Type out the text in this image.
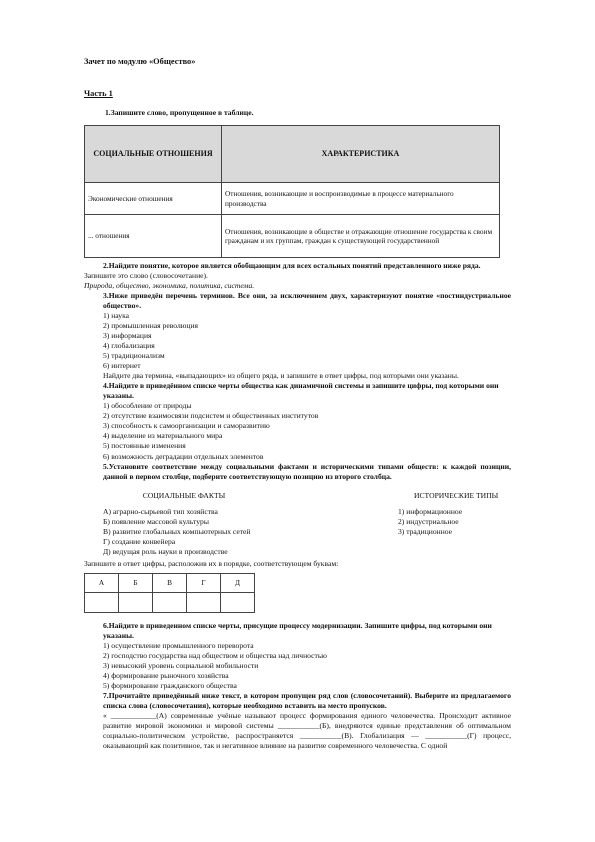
Зачет по модулю «Общество»
Часть 1
1.Запишите слово, пропущенное в таблице.
СОЦИАЛЬНЫЕ ОТНОШЕНИЯ	ХАРАКТЕРИСТИКА
Экономические отношения	Отношения, возникающие и воспроизводимые в процессе материального производства
... отношения	Отношения, возникающие в обществе и отражающие отношение государства к своим гражданам и их группам, граждан к существующей государственной
2.Найдите понятие, которое является обобщающим для всех остальных понятий представленного ниже ряда.
Запишите это слово (словосочетание).
Природа, общество, экономика, политика, система.
3.Ниже приведён перечень терминов. Все они, за исключением двух, характеризуют понятие «постиндустриальное общество».
1) наука
2) промышленная революция
3) информация
4) глобализация
5) традиционализм
6) интернет
Найдите два термина, «выпадающих» из общего ряда, и запишите в ответ цифры, под которыми они указаны.
4.Найдите в приведённом списке черты общества как динамичной системы и запишите цифры, под которыми они указаны.
1) обособление от природы
2) отсутствие взаимосвязи подсистем и общественных институтов
3) способность к самоорганизации и саморазвитию
4) выделение из материального мира
5) постоянные изменения
6) возможность деградации отдельных элементов
5.Установите соответствие между социальными фактами и историческими типами обществ: к каждой позиции, данной в первом столбце, подберите соответствующую позицию из второго столбца.
СОЦИАЛЬНЫЕ ФАКТЫ
А) аграрно-сырьевой тип хозяйства
Б) появление массовой культуры
В) развитие глобальных компьютерных сетей
Г) создание конвейера
Д) ведущая роль науки в производстве
ИСТОРИЧЕСКИЕ ТИПЫ
1) информационное
2) индустриальное
3) традиционное
Запишите в ответ цифры, расположив их в порядке, соответствующем буквам:
А	Б	В	Г	Д

6.Найдите в приведенном списке черты, присущие процессу модернизации. Запишите цифры, под которыми они указаны.
1) осуществление промышленного переворота
2) господство государства над обществом и общества над личностью
3) невысокий уровень социальной мобильности
4) формирование рыночного хозяйства
5) формирование гражданского общества
7.Прочитайте приведённый ниже текст, в котором пропущен ряд слов (словосочетаний). Выберите из предлагаемого списка слова (словосочетания), которые необходимо вставить на место пропусков.
« ____________(А) современные учёные называют процесс формирования единого человечества. Происходит активное развитие мировой экономики и мировой системы ___________(Б), внедряются единые представления об оптимальном социально-политическом устройстве, распространяется ___________(В). Глобализация — ___________(Г) процесс, оказывающий как позитивное, так и негативное влияние на развитие современного человечества. С одной
